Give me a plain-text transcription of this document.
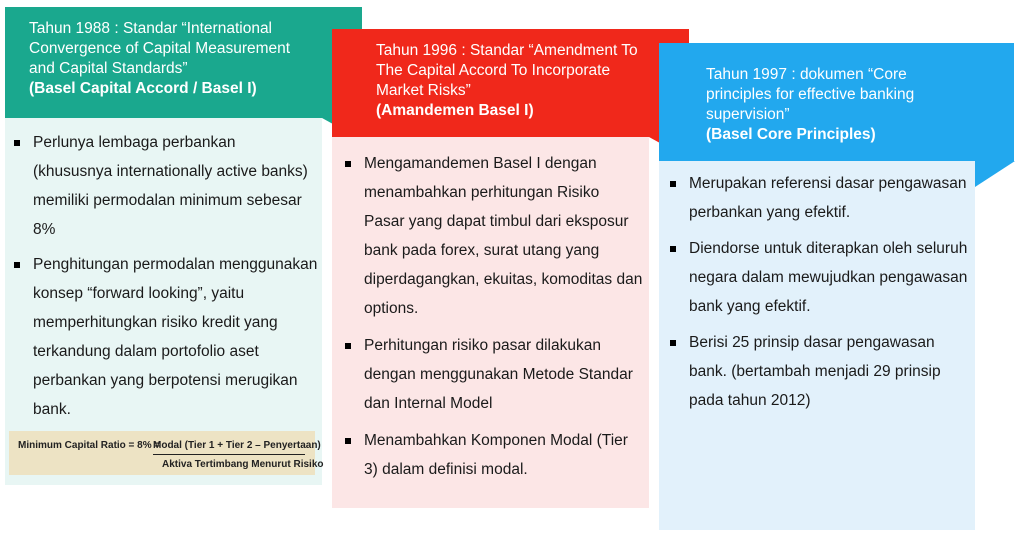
Tahun 1988 : Standar “International
Convergence of Capital Measurement
and Capital Standards”
(Basel Capital Accord / Basel I)
Perlunya lembaga perbankan (khususnya internationally active banks) memiliki permodalan minimum sebesar 8%
Penghitungan permodalan menggunakan konsep “forward looking”, yaitu memperhitungkan risiko kredit yang terkandung dalam portofolio aset perbankan yang berpotensi merugikan bank.
Minimum Capital Ratio = 8% =
Modal (Tier 1 + Tier 2 – Penyertaan)
Aktiva Tertimbang Menurut Risiko
Tahun 1996 : Standar “Amendment To
The Capital Accord To Incorporate
Market Risks”
(Amandemen Basel I)
Mengamandemen Basel I dengan menambahkan perhitungan Risiko Pasar yang dapat timbul dari eksposur bank pada forex, surat utang yang diperdagangkan, ekuitas, komoditas dan options.
Perhitungan risiko pasar dilakukan dengan menggunakan Metode Standar dan Internal Model
Menambahkan Komponen Modal (Tier 3) dalam definisi modal.
Tahun 1997 : dokumen “Core
principles for effective banking
supervision”
(Basel Core Principles)
Merupakan referensi dasar pengawasan perbankan yang efektif.
Diendorse untuk diterapkan oleh seluruh negara dalam mewujudkan pengawasan bank yang efektif.
Berisi 25 prinsip dasar pengawasan bank. (bertambah menjadi 29 prinsip pada tahun 2012)
